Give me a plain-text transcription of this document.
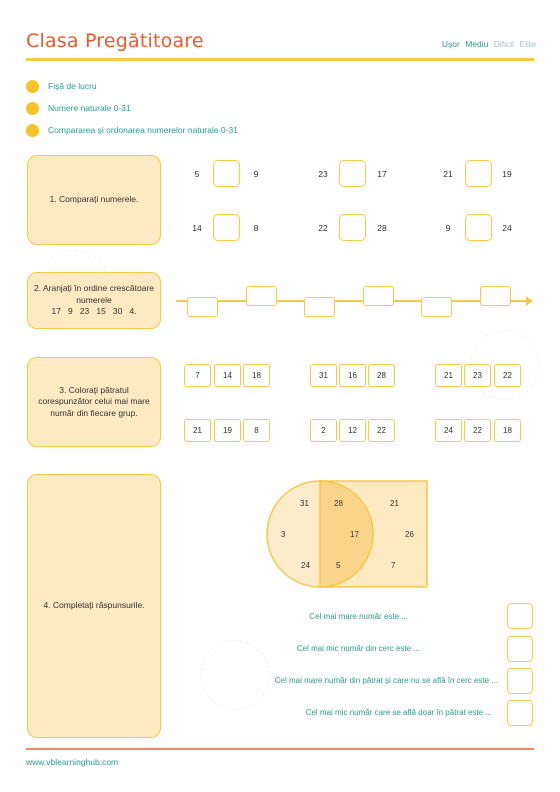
Clasa Pregătitoare	Ușor Mediu Dificil Elite
Fișă de lucru
Numere naturale 0-31
Compararea și ordonarea numerelor naturale 0-31
1. Comparați numerele.
5	9	23	17	21	19
14	8	22	28	9	24
2. Aranjați în ordine crescătoare numerele
17   9   23   15   30   4.
3. Colorați pătratul corespunzător celui mai mare număr din fiecare grup.
7	14	18	31	16	28	21	23	22
21	19	8	2	12	22	24	22	18
4. Completați răspunsurile.
31
3
24
28
17
5
21
26
7
Cel mai mare număr este ...
Cel mai mic număr din cerc este ...
Cel mai mare număr din pătrat și care nu se află în cerc este ...
Cel mai mic număr care se află doar în pătrat este ...
www.vblearninghub.com
